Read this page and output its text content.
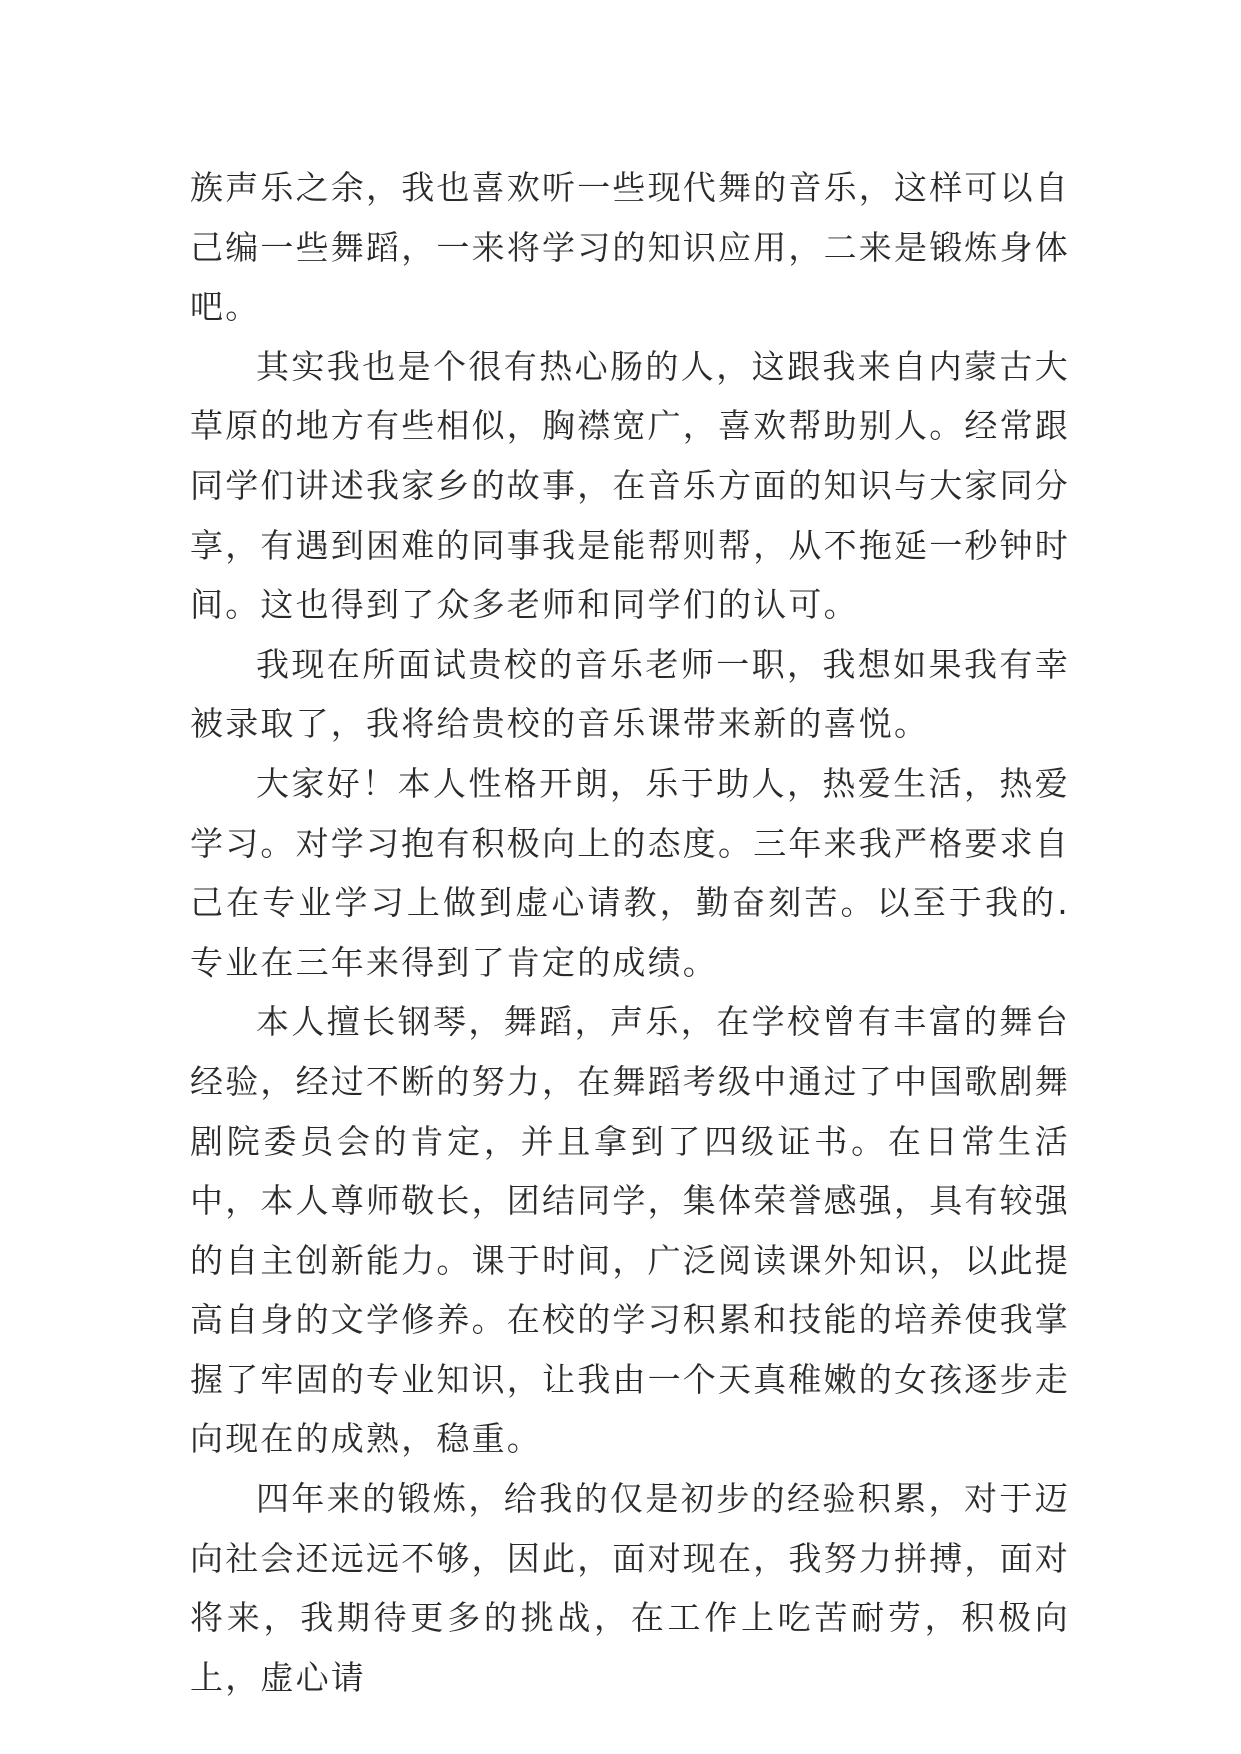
族声乐之余，我也喜欢听一些现代舞的音乐，这样可以自己编一些舞蹈，一来将学习的知识应用，二来是锻炼身体吧。

其实我也是个很有热心肠的人，这跟我来自内蒙古大草原的地方有些相似，胸襟宽广，喜欢帮助别人。经常跟同学们讲述我家乡的故事，在音乐方面的知识与大家同分享，有遇到困难的同事我是能帮则帮，从不拖延一秒钟时间。这也得到了众多老师和同学们的认可。

我现在所面试贵校的音乐老师一职，我想如果我有幸被录取了，我将给贵校的音乐课带来新的喜悦。

大家好！本人性格开朗，乐于助人，热爱生活，热爱学习。对学习抱有积极向上的态度。三年来我严格要求自己在专业学习上做到虚心请教，勤奋刻苦。以至于我的.专业在三年来得到了肯定的成绩。

本人擅长钢琴，舞蹈，声乐，在学校曾有丰富的舞台经验，经过不断的努力，在舞蹈考级中通过了中国歌剧舞剧院委员会的肯定，并且拿到了四级证书。在日常生活中，本人尊师敬长，团结同学，集体荣誉感强，具有较强的自主创新能力。课于时间，广泛阅读课外知识，以此提高自身的文学修养。在校的学习积累和技能的培养使我掌握了牢固的专业知识，让我由一个天真稚嫩的女孩逐步走向现在的成熟，稳重。

四年来的锻炼，给我的仅是初步的经验积累，对于迈向社会还远远不够，因此，面对现在，我努力拼搏，面对将来，我期待更多的挑战，在工作上吃苦耐劳，积极向上，虚心请
